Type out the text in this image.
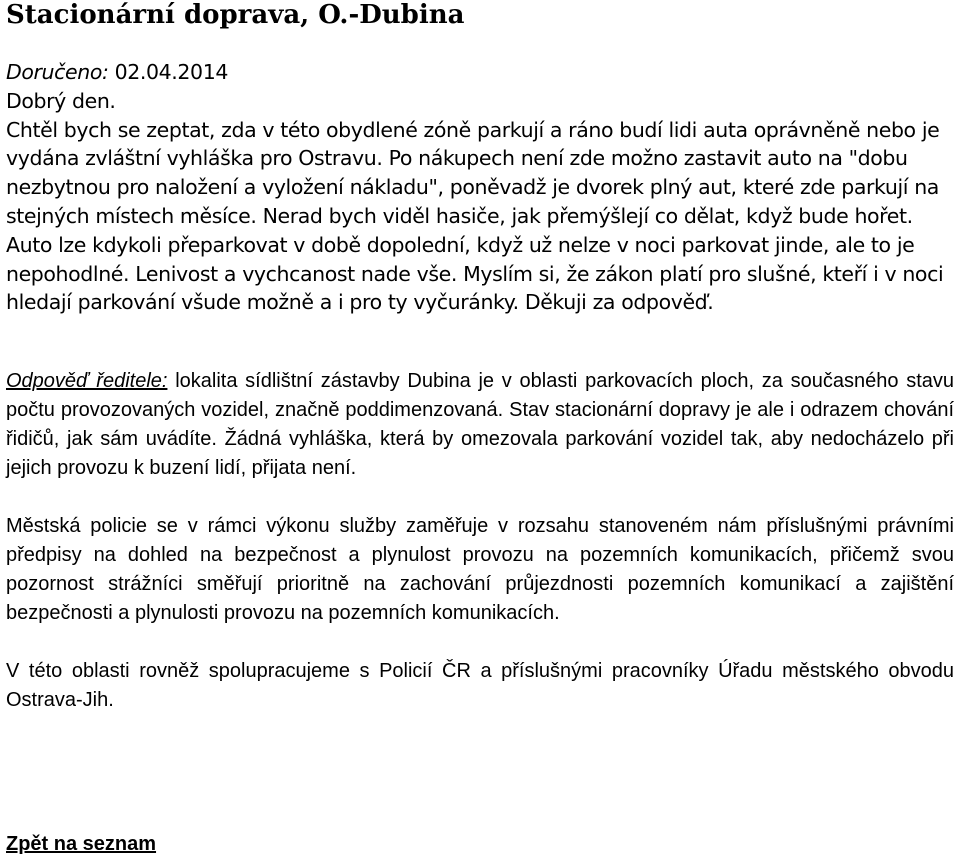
Stacionární doprava, O.-Dubina
Doručeno: 02.04.2014
Dobrý den.
Chtěl bych se zeptat, zda v této obydlené zóně parkují a ráno budí lidi auta oprávněně nebo je vydána zvláštní vyhláška pro Ostravu. Po nákupech není zde možno zastavit auto na "dobu nezbytnou pro naložení a vyložení nákladu", poněvadž je dvorek plný aut, které zde parkují na stejných místech měsíce. Nerad bych viděl hasiče, jak přemýšlejí co dělat, když bude hořet. Auto lze kdykoli přeparkovat v době dopolední, když už nelze v noci parkovat jinde, ale to je nepohodlné. Lenivost a vychcanost nade vše. Myslím si, že zákon platí pro slušné, kteří i v noci hledají parkování všude možně a i pro ty vyčuránky. Děkuji za odpověď.
Odpověď ředitele: lokalita sídlištní zástavby Dubina je v oblasti parkovacích ploch, za současného stavu počtu provozovaných vozidel, značně poddimenzovaná. Stav stacionární dopravy je ale i odrazem chování řidičů, jak sám uvádíte. Žádná vyhláška, která by omezovala parkování vozidel tak, aby nedocházelo při jejich provozu k buzení lidí, přijata není.
Městská policie se v rámci výkonu služby zaměřuje v rozsahu stanoveném nám příslušnými právními předpisy na dohled na bezpečnost a plynulost provozu na pozemních komunikacích, přičemž svou pozornost strážníci směřují prioritně na zachování průjezdnosti pozemních komunikací a zajištění bezpečnosti a plynulosti provozu na pozemních komunikacích.
V této oblasti rovněž spolupracujeme s Policií ČR a příslušnými pracovníky Úřadu městského obvodu Ostrava-Jih.
Zpět na seznam
